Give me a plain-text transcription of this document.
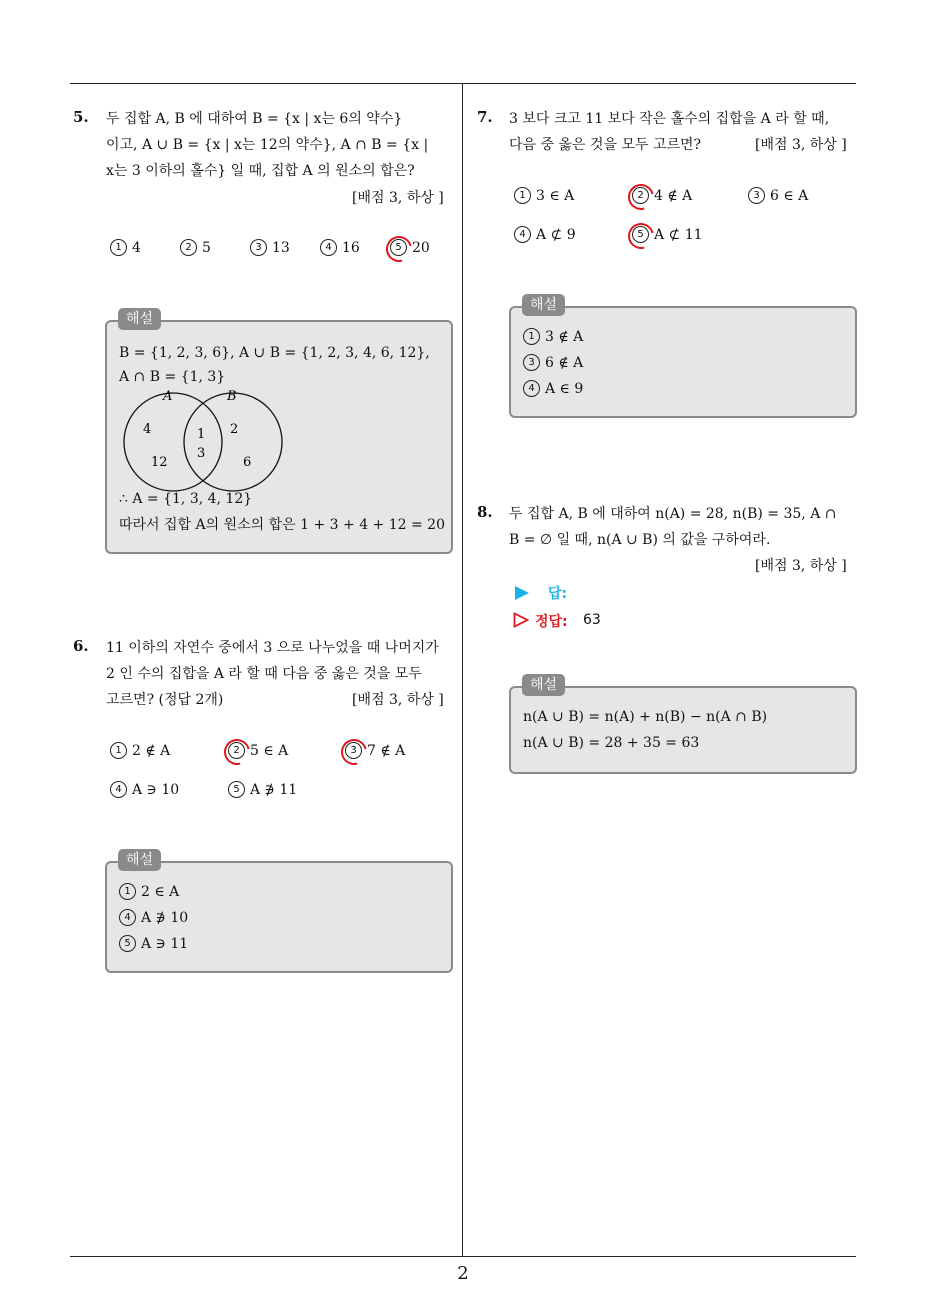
2
5. 두 집합 A, B 에 대하여 B = {x | x는 6의 약수}
이고, A ∪ B = {x | x는 12의 약수}, A ∩ B = {x |
x는 3 이하의 홀수} 일 때, 집합 A 의 원소의 합은?
[배점 3, 하상 ]
1 4	2 5	3 13	4 16	5 20
B = {1, 2, 3, 6}, A ∪ B = {1, 2, 3, 4, 6, 12},
A ∩ B = {1, 3}
A	B
4
12
1
3
2
6
∴ A = {1, 3, 4, 12}
따라서 집합 A의 원소의 합은 1 + 3 + 4 + 12 = 20
해설
6. 11 이하의 자연수 중에서 3 으로 나누었을 때 나머지가
2 인 수의 집합을 A 라 할 때 다음 중 옳은 것을 모두
고르면? (정답 2개)	[배점 3, 하상 ]
1 2 ∉ A	2 5 ∈ A	3 7 ∉ A
4 A ∋ 10	5 A ∌ 11
1 2 ∈ A
4 A ∌ 10
5 A ∋ 11
해설
7. 3 보다 크고 11 보다 작은 홀수의 집합을 A 라 할 때,
다음 중 옳은 것을 모두 고르면?	[배점 3, 하상 ]
1 3 ∈ A	2 4 ∉ A	3 6 ∈ A
4 A ⊄ 9	5 A ⊄ 11
1 3 ∉ A
3 6 ∉ A
4 A ∈ 9
해설
8. 두 집합 A, B 에 대하여 n(A) = 28, n(B) = 35, A ∩
B = ∅ 일 때, n(A ∪ B) 의 값을 구하여라.
[배점 3, 하상 ]
답:
정답: 63
n(A ∪ B) = n(A) + n(B) − n(A ∩ B)
n(A ∪ B) = 28 + 35 = 63
해설
